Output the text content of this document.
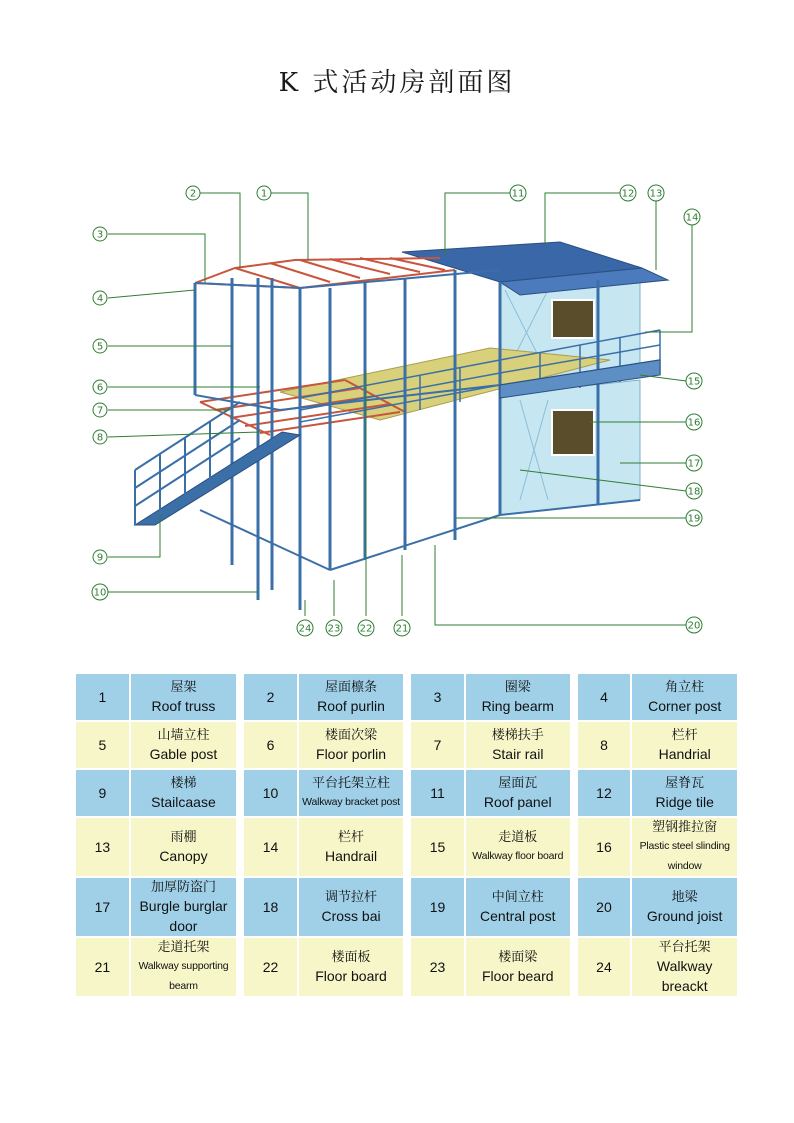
K 式活动房剖面图
1
2
3
4
5
6
7
8
9
10
11	12 13
14
15
16
17
18
19
20
21
22
23
24
1	屋架
Roof truss	2	屋面檩条
Roof purlin	3	圈梁
Ring bearm	4	角立柱
Corner post

5	山墙立柱
Gable post	6	楼面次梁
Floor porlin	7	楼梯扶手
Stair rail	8	栏杆
Handrial

9	楼梯
Stailcaase	10	平台托架立柱
Walkway bracket post	11	屋面瓦
Roof panel	12	屋脊瓦
Ridge tile

13	雨棚
Canopy	14	栏杆
Handrail	15	走道板
Walkway floor board	16	塑钢推拉窗
Plastic steel slinding window

17	加厚防盗门
Burgle burglar door	18	调节拉杆
Cross bai	19	中间立柱
Central post	20	地梁
Ground joist

21	走道托架
Walkway supporting bearm	22	楼面板
Floor board	23	楼面梁
Floor beard	24	平台托架
Walkway breackt
